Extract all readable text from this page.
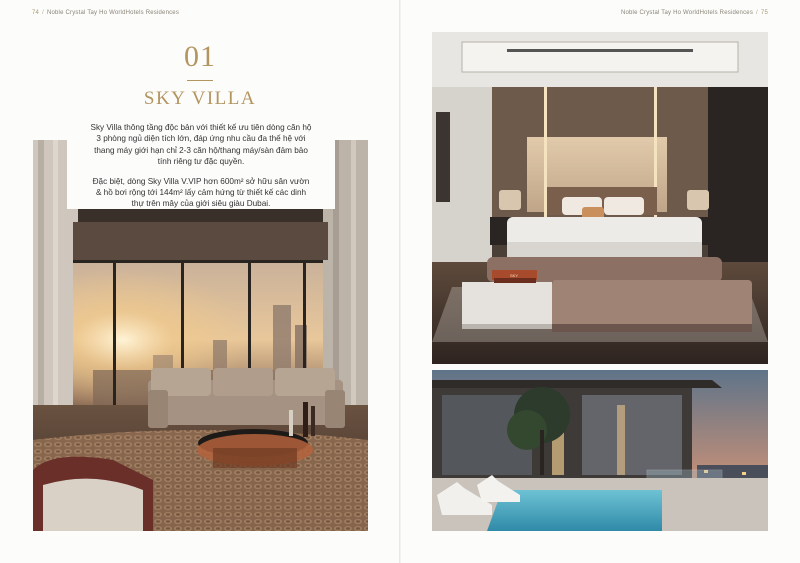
74 / Noble Crystal Tay Ho WorldHotels Residences	Noble Crystal Tay Ho WorldHotels Residences / 75
01
SKY VILLA

Sky Villa thông tầng độc bản với thiết kế ưu tiên dòng căn hộ 3 phòng ngủ diện tích lớn, đáp ứng nhu cầu đa thế hệ với thang máy giới hạn chỉ 2-3 căn hộ/thang máy/sàn đảm bảo tính riêng tư đặc quyền.

Đặc biệt, dòng Sky Villa V.VIP hơn 600m² sở hữu sân vườn & hồ bơi rộng tới 144m² lấy cảm hứng từ thiết kế các dinh thự trên mây của giới siêu giàu Dubai.

SKY
